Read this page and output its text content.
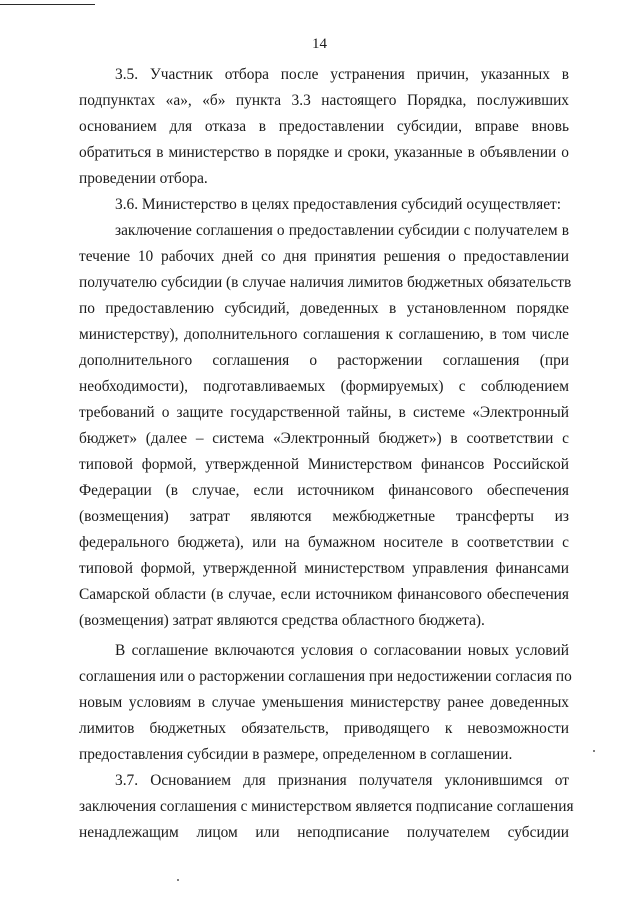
14
3.5. Участник отбора после устранения причин, указанных в
подпунктах «а», «б» пункта 3.3 настоящего Порядка, послуживших
основанием для отказа в предоставлении субсидии, вправе вновь
обратиться в министерство в порядке и сроки, указанные в объявлении о
проведении отбора.
3.6. Министерство в целях предоставления субсидий осуществляет:
заключение соглашения о предоставлении субсидии с получателем в
течение 10 рабочих дней со дня принятия решения о предоставлении
получателю субсидии (в случае наличия лимитов бюджетных обязательств
по предоставлению субсидий, доведенных в установленном порядке
министерству), дополнительного соглашения к соглашению, в том числе
дополнительного соглашения о расторжении соглашения (при
необходимости), подготавливаемых (формируемых) с соблюдением
требований о защите государственной тайны, в системе «Электронный
бюджет» (далее – система «Электронный бюджет») в соответствии с
типовой формой, утвержденной Министерством финансов Российской
Федерации (в случае, если источником финансового обеспечения
(возмещения) затрат являются межбюджетные трансферты из
федерального бюджета), или на бумажном носителе в соответствии с
типовой формой, утвержденной министерством управления финансами
Самарской области (в случае, если источником финансового обеспечения
(возмещения) затрат являются средства областного бюджета).
В соглашение включаются условия о согласовании новых условий
соглашения или о расторжении соглашения при недостижении согласия по
новым условиям в случае уменьшения министерству ранее доведенных
лимитов бюджетных обязательств, приводящего к невозможности
предоставления субсидии в размере, определенном в соглашении.
3.7. Основанием для признания получателя уклонившимся от
заключения соглашения с министерством является подписание соглашения
ненадлежащим лицом или неподписание получателем субсидии
